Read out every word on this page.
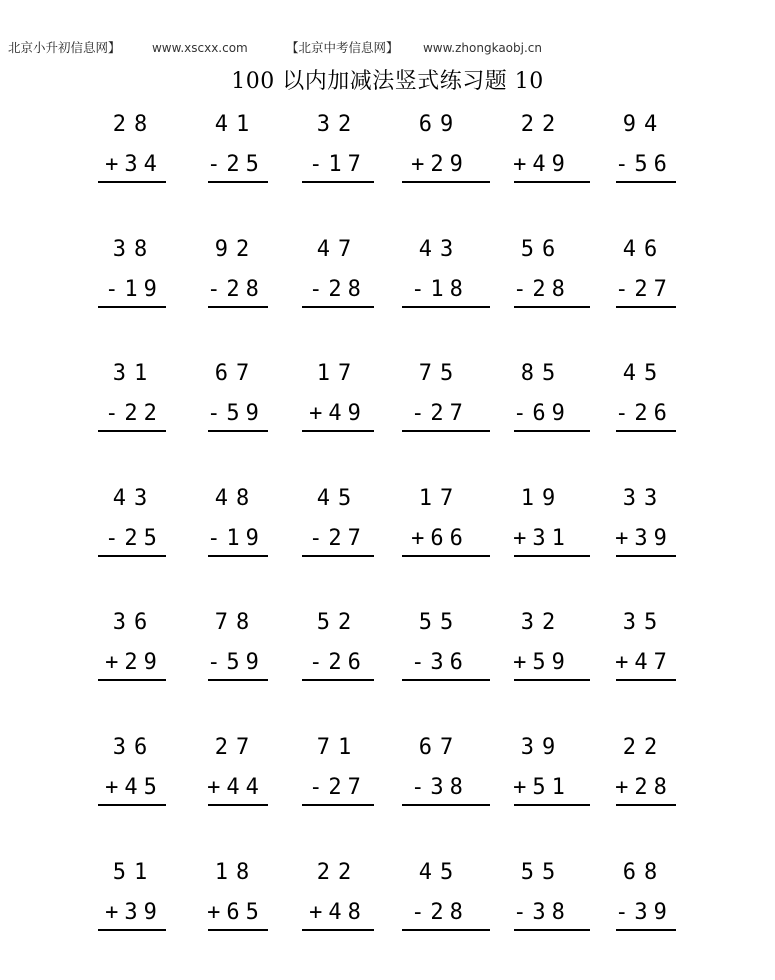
北京小升初信息网】	www.xscxx.com	【北京中考信息网】 www.zhongkaobj.cn
100 以内加减法竖式练习题 10
28
+34
41
-25
32
-17
69
+29
22
+49
94
-56
38
-19
92
-28
47
-28
43
-18
56
-28
46
-27
31
-22
67
-59
17
+49
75
-27
85
-69
45
-26
43
-25
48
-19
45
-27
17
+66
19
+31
33
+39
36
+29
78
-59
52
-26
55
-36
32
+59
35
+47
36
+45
27
+44
71
-27
67
-38
39
+51
22
+28
51
+39
18
+65
22
+48
45
-28
55
-38
68
-39
